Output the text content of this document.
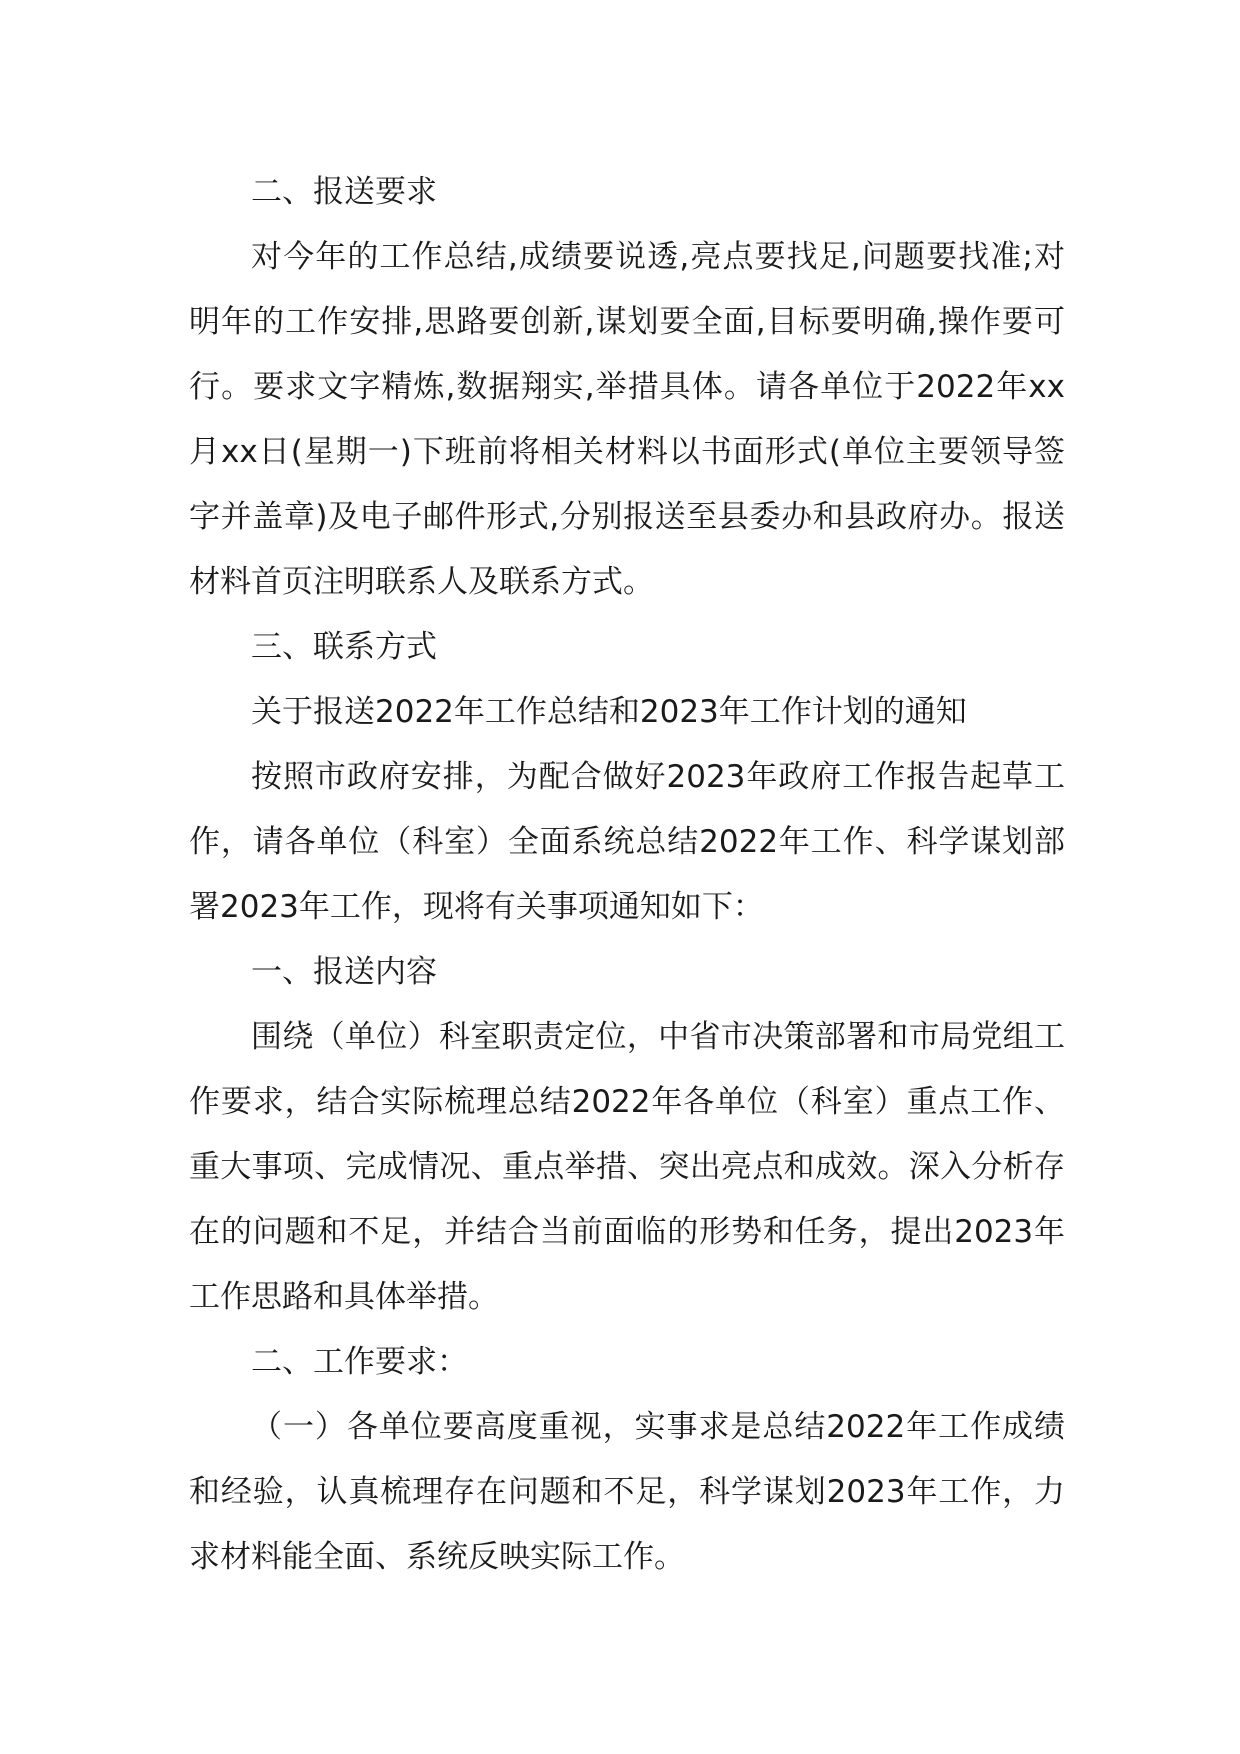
二、报送要求

对今年的工作总结,成绩要说透,亮点要找足,问题要找准;对明年的工作安排,思路要创新,谋划要全面,目标要明确,操作要可行。要求文字精炼,数据翔实,举措具体。请各单位于2022年xx月xx日(星期一)下班前将相关材料以书面形式(单位主要领导签字并盖章)及电子邮件形式,分别报送至县委办和县政府办。报送材料首页注明联系人及联系方式。

三、联系方式

关于报送2022年工作总结和2023年工作计划的通知

按照市政府安排，为配合做好2023年政府工作报告起草工作，请各单位（科室）全面系统总结2022年工作、科学谋划部署2023年工作，现将有关事项通知如下：

一、报送内容

围绕（单位）科室职责定位，中省市决策部署和市局党组工作要求，结合实际梳理总结2022年各单位（科室）重点工作、重大事项、完成情况、重点举措、突出亮点和成效。深入分析存在的问题和不足，并结合当前面临的形势和任务，提出2023年工作思路和具体举措。

二、工作要求：

（一）各单位要高度重视，实事求是总结2022年工作成绩和经验，认真梳理存在问题和不足，科学谋划2023年工作，力求材料能全面、系统反映实际工作。
